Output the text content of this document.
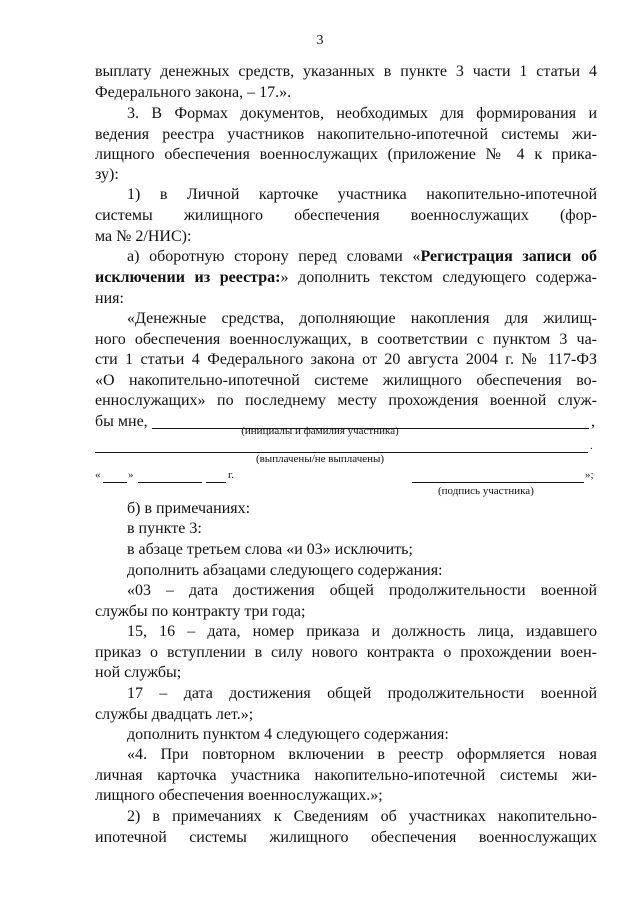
3
выплату денежных средств, указанных в пункте 3 части 1 статьи 4
Федерального закона, – 17.».
3. В Формах документов, необходимых для формирования и
ведения реестра участников накопительно-ипотечной системы жи-
лищного обеспечения военнослужащих (приложение № 4 к прика-
зу):
1) в Личной карточке участника накопительно-ипотечной
системы жилищного обеспечения военнослужащих (фор-
ма № 2/НИС):
а) оборотную сторону перед словами «Регистрация записи об
исключении из реестра:» дополнить текстом следующего содержа-
ния:
«Денежные средства, дополняющие накопления для жилищ-
ного обеспечения военнослужащих, в соответствии с пунктом 3 ча-
сти 1 статьи 4 Федерального закона от 20 августа 2004 г. № 117-ФЗ
«О накопительно-ипотечной системе жилищного обеспечения во-
еннослужащих» по последнему месту прохождения военной служ-
бы мне,	,
(инициалы и фамилия участника)
.
(выплачены/не выплачены)
«	»	г.	»;
(подпись участника)
б) в примечаниях:
в пункте 3:
в абзаце третьем слова «и 03» исключить;
дополнить абзацами следующего содержания:
«03 – дата достижения общей продолжительности военной
службы по контракту три года;
15, 16 – дата, номер приказа и должность лица, издавшего
приказ о вступлении в силу нового контракта о прохождении воен-
ной службы;
17 – дата достижения общей продолжительности военной
службы двадцать лет.»;
дополнить пунктом 4 следующего содержания:
«4. При повторном включении в реестр оформляется новая
личная карточка участника накопительно-ипотечной системы жи-
лищного обеспечения военнослужащих.»;
2) в примечаниях к Сведениям об участниках накопительно-
ипотечной системы жилищного обеспечения военнослужащих
